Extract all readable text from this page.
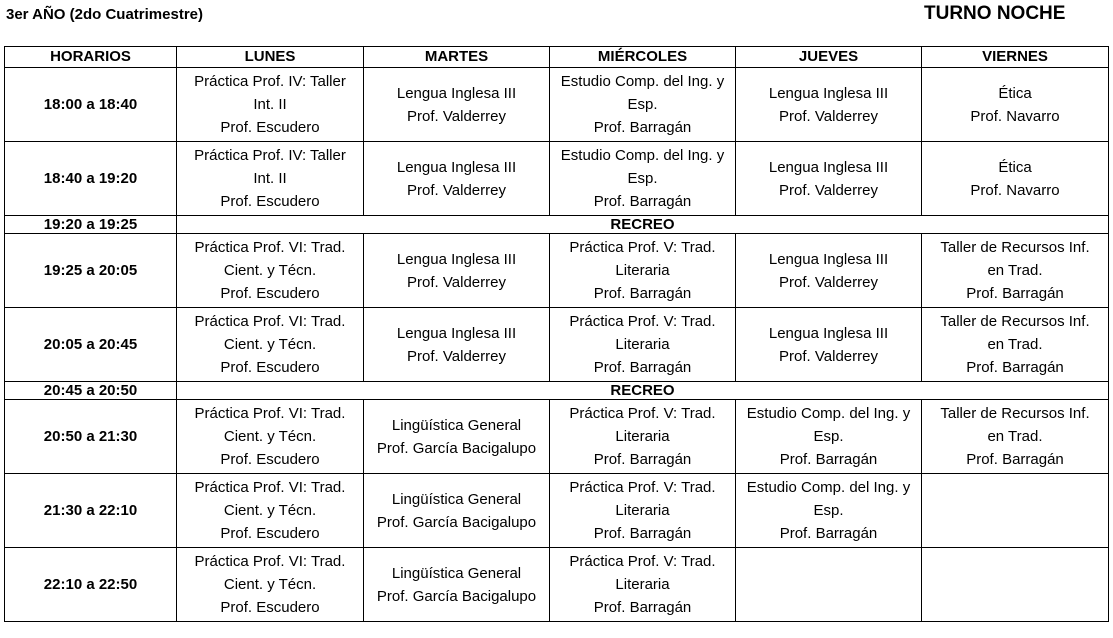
3er AÑO (2do Cuatrimestre)	TURNO NOCHE
HORARIOS	LUNES	MARTES	MIÉRCOLES	JUEVES	VIERNES
18:00 a 18:40	Práctica Prof. IV: Taller
Int. II
Prof. Escudero	Lengua Inglesa III
Prof. Valderrey	Estudio Comp. del Ing. y
Esp.
Prof. Barragán	Lengua Inglesa III
Prof. Valderrey	Ética
Prof. Navarro

18:40 a 19:20	Práctica Prof. IV: Taller
Int. II
Prof. Escudero	Lengua Inglesa III
Prof. Valderrey	Estudio Comp. del Ing. y
Esp.
Prof. Barragán	Lengua Inglesa III
Prof. Valderrey	Ética
Prof. Navarro

19:20 a 19:25	RECREO				
19:25 a 20:05	Práctica Prof. VI: Trad.
Cient. y Técn.
Prof. Escudero	Lengua Inglesa III
Prof. Valderrey	Práctica Prof. V: Trad.
Literaria
Prof. Barragán	Lengua Inglesa III
Prof. Valderrey	Taller de Recursos Inf.
en Trad.
Prof. Barragán

20:05 a 20:45	Práctica Prof. VI: Trad.
Cient. y Técn.
Prof. Escudero	Lengua Inglesa III
Prof. Valderrey	Práctica Prof. V: Trad.
Literaria
Prof. Barragán	Lengua Inglesa III
Prof. Valderrey	Taller de Recursos Inf.
en Trad.
Prof. Barragán

20:45 a 20:50	RECREO				
20:50 a 21:30	Práctica Prof. VI: Trad.
Cient. y Técn.
Prof. Escudero	Lingüística General
Prof. García Bacigalupo	Práctica Prof. V: Trad.
Literaria
Prof. Barragán	Estudio Comp. del Ing. y
Esp.
Prof. Barragán	Taller de Recursos Inf.
en Trad.
Prof. Barragán

21:30 a 22:10	Práctica Prof. VI: Trad.
Cient. y Técn.
Prof. Escudero	Lingüística General
Prof. García Bacigalupo	Práctica Prof. V: Trad.
Literaria
Prof. Barragán	Estudio Comp. del Ing. y
Esp.
Prof. Barragán	

22:10 a 22:50	Práctica Prof. VI: Trad.
Cient. y Técn.
Prof. Escudero	Lingüística General
Prof. García Bacigalupo	Práctica Prof. V: Trad.
Literaria
Prof. Barragán		
